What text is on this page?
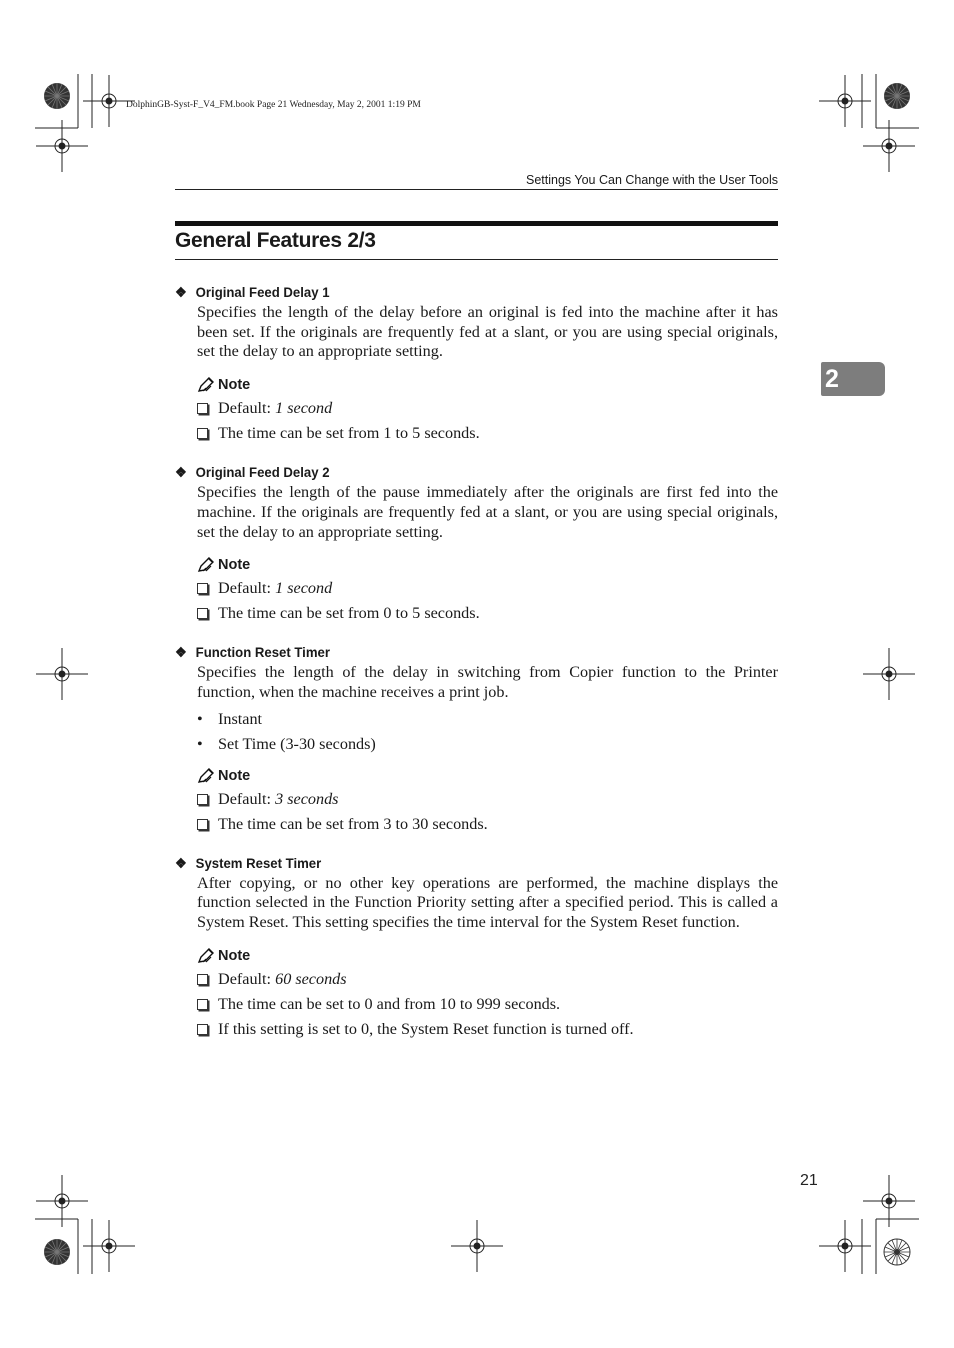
DolphinGB-Syst-F_V4_FM.book Page 21 Wednesday, May 2, 2001 1:19 PM
Settings You Can Change with the User Tools
General Features 2/3
2
❖ Original Feed Delay 1
Specifies the length of the delay before an original is fed into the machine after it has been set. If the originals are frequently fed at a slant, or you are using special originals, set the delay to an appropriate setting.
Note
Default:
1 second
The time can be set from 1 to 5 seconds.
❖ Original Feed Delay 2
Specifies the length of the pause immediately after the originals are first fed into the machine. If the originals are frequently fed at a slant, or you are using special originals, set the delay to an appropriate setting.
Note
Default:
1 second
The time can be set from 0 to 5 seconds.
❖ Function Reset Timer
Specifies the length of the delay in switching from Copier function to the Printer function, when the machine receives a print job.
• Instant
• Set Time (3-30 seconds)
Note
Default:
3 seconds
The time can be set from 3 to 30 seconds.
❖ System Reset Timer
After copying, or no other key operations are performed, the machine displays the function selected in the Function Priority setting after a specified period. This is called a System Reset. This setting specifies the time interval for the System Reset function.
Note
Default:
60 seconds
The time can be set to 0 and from 10 to 999 seconds.
If this setting is set to 0, the System Reset function is turned off.
21
